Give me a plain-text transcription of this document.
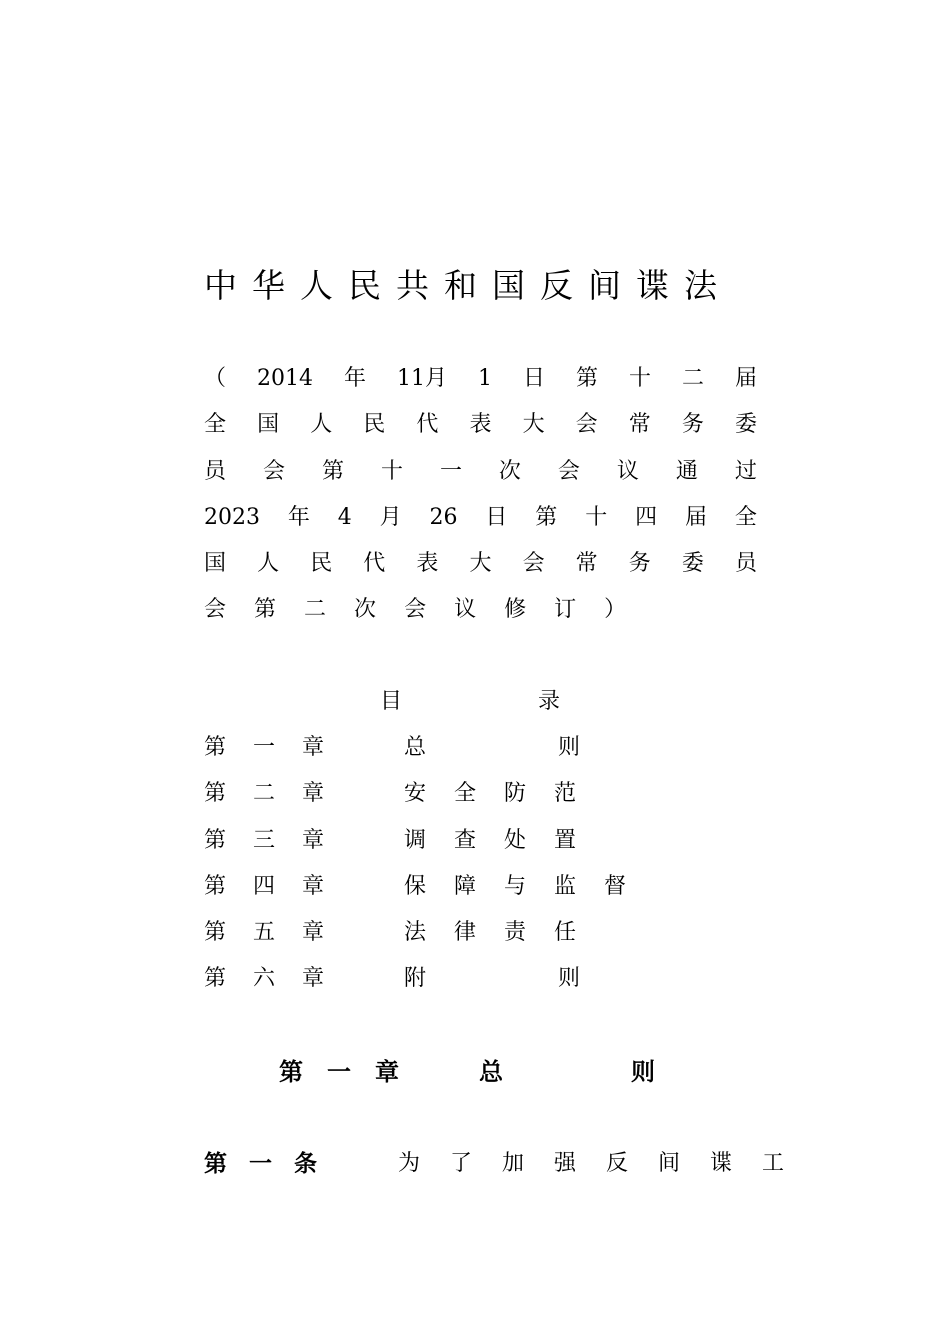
中华人民共和国反间谍法
（ 2014 年 11月 1 日 第 十 二 届
全 国 人 民 代 表 大 会 常 务 委
员 会 第 十 一 次 会 议 通 过
2023 年 4 月 26 日 第 十 四 届 全
国 人 民 代 表 大 会 常 务 委 员
会 第 二 次 会 议 修 订 ）
目	录
第一章	总	则
第二章	安全防范
第三章	调查处置
第四章	保障与监督
第五章	法律责任
第六章	附	则
第一章	总	则
第一条	为了加强反间谍工
